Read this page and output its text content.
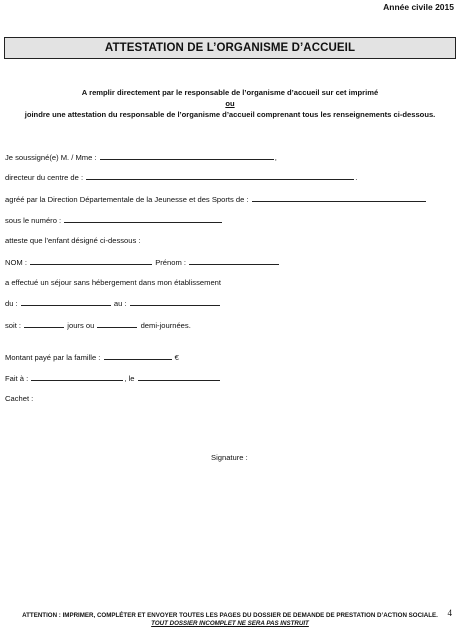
Année civile 2015
ATTESTATION DE L’ORGANISME D’ACCUEIL
A remplir directement par le responsable de l’organisme d’accueil sur cet imprimé
ou
joindre une attestation du responsable de l’organisme d’accueil comprenant tous les renseignements ci-dessous.
Je soussigné(e) M. / Mme :	,
directeur du centre de :	.
agréé par la Direction Départementale de la Jeunesse et des Sports de :
sous le numéro :
atteste que l’enfant désigné ci-dessous :
NOM :	Prénom :
a effectué un séjour sans hébergement dans mon établissement
du :	au :
soit :	jours ou	demi-journées.
Montant payé par la famille :	€
Fait à :	, le
Cachet :
Signature :
ATTENTION : IMPRIMER, COMPLÉTER ET ENVOYER TOUTES LES PAGES DU DOSSIER DE DEMANDE DE PRESTATION D’ACTION SOCIALE.
TOUT DOSSIER INCOMPLET NE SERA PAS INSTRUIT
4
